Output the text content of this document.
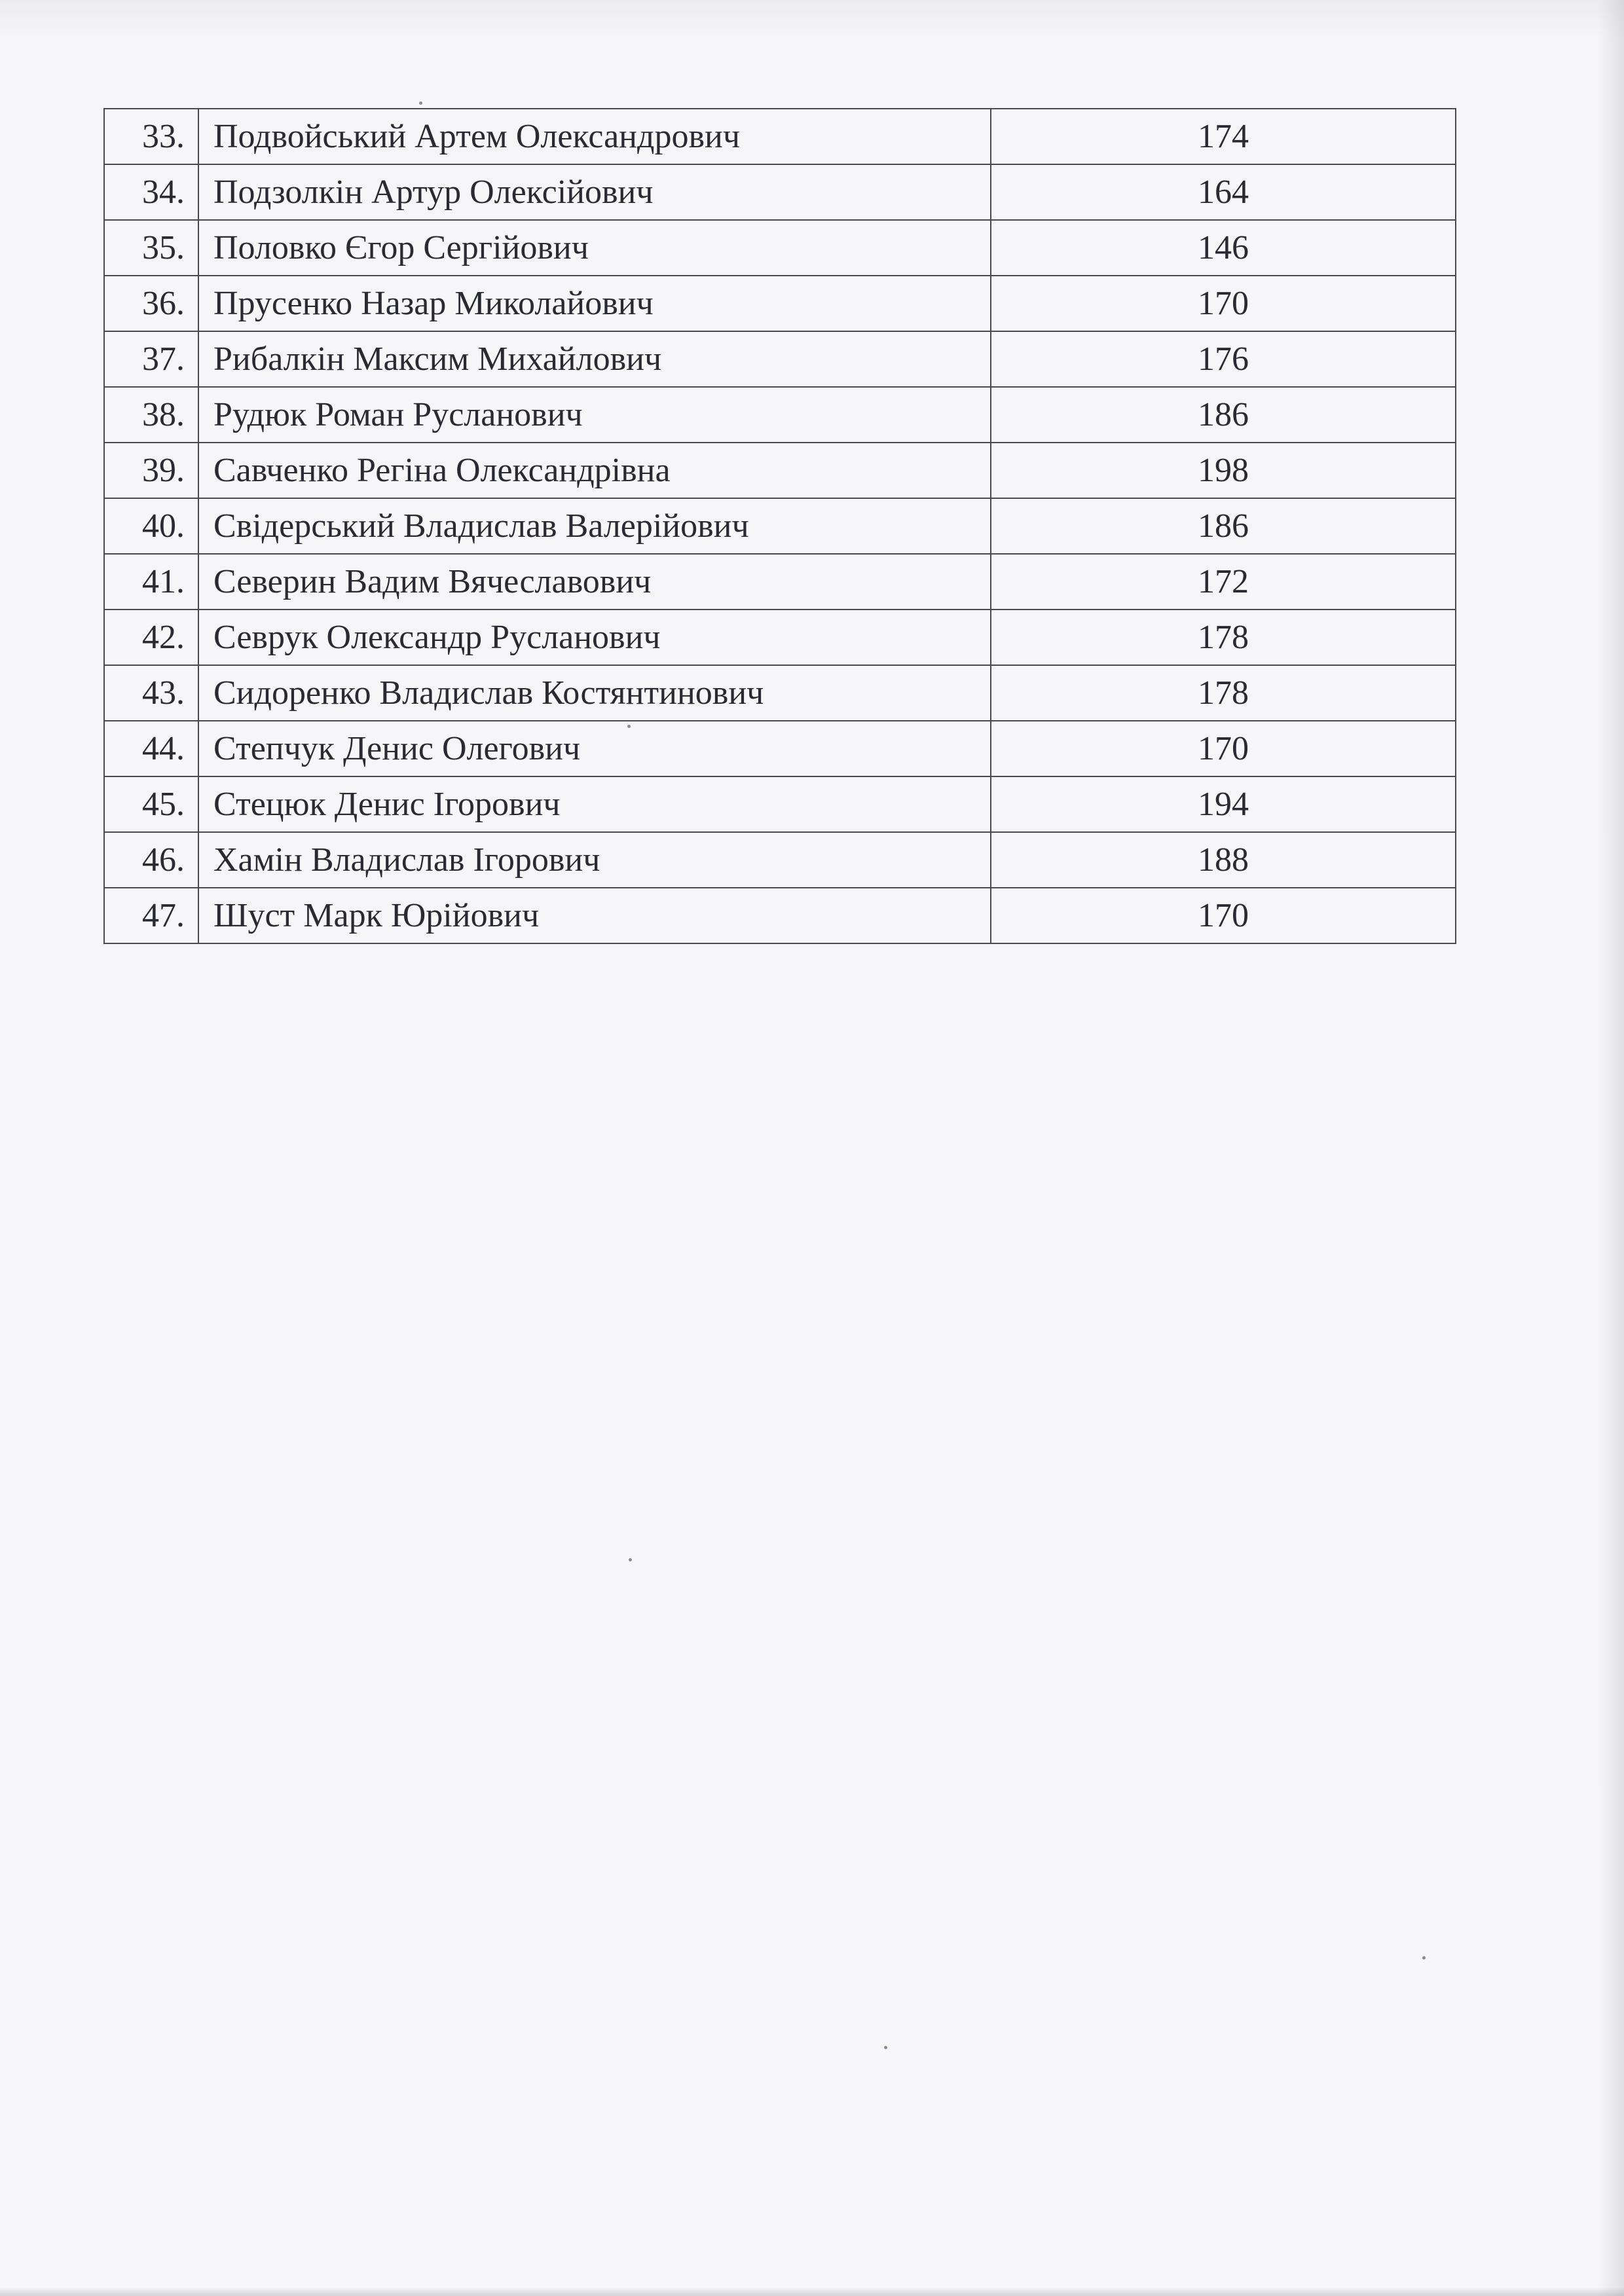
33.	Подвойський Артем Олександрович	174
34.	Подзолкін Артур Олексійович	164
35.	Половко Єгор Сергійович	146
36.	Прусенко Назар Миколайович	170
37.	Рибалкін Максим Михайлович	176
38.	Рудюк Роман Русланович	186
39.	Савченко Регіна Олександрівна	198
40.	Свідерський Владислав Валерійович	186
41.	Северин Вадим Вячеславович	172
42.	Севрук Олександр Русланович	178
43.	Сидоренко Владислав Костянтинович	178
44.	Степчук Денис Олегович	170
45.	Стецюк Денис Ігорович	194
46.	Хамін Владислав Ігорович	188
47.	Шуст Марк Юрійович	170
